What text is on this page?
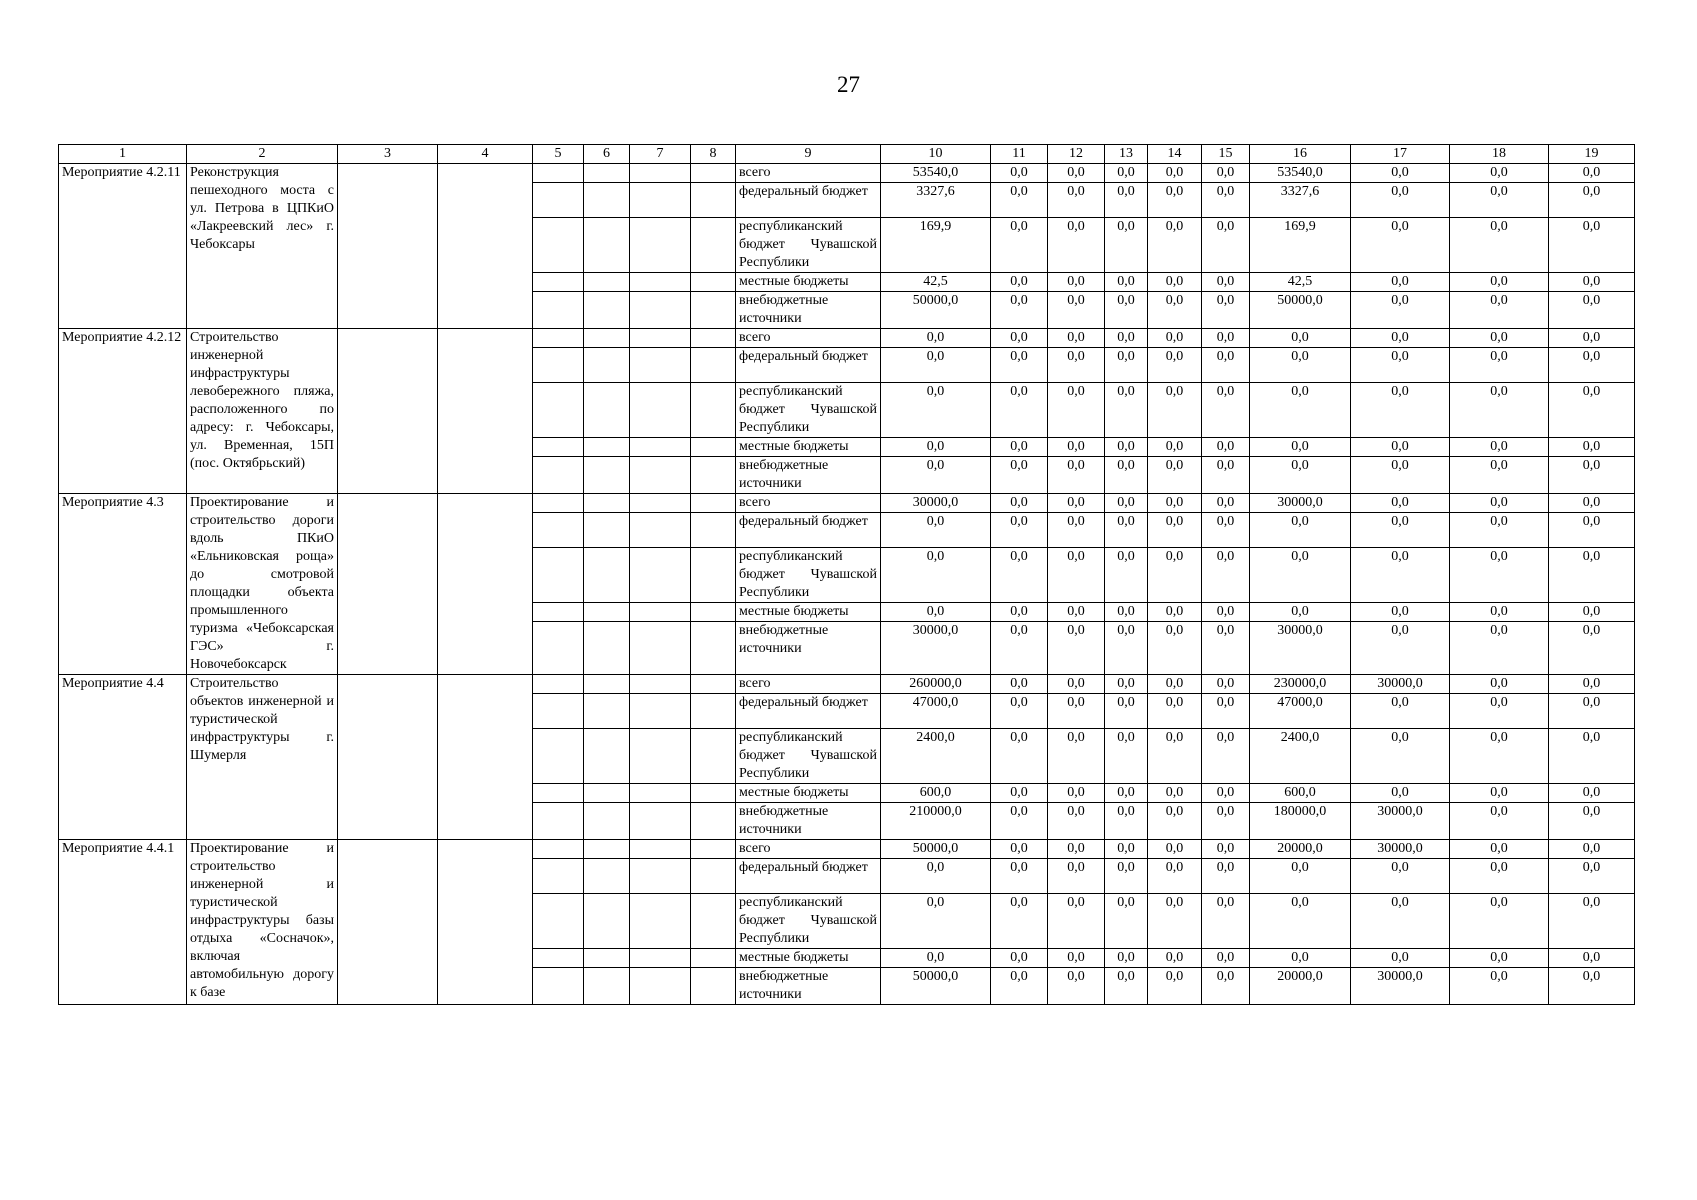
27
1	2	3	4	5	6	7	8	9	10	11	12	13	14	15	16	17	18	19
Мероприятие 4.2.11	Реконструкция пешеходного моста с ул. Петрова в ЦПКиО «Лакреевский лес» г. Чебоксары							всего	53540,0	0,0	0,0	0,0	0,0	0,0	53540,0	0,0	0,0	0,0
								федеральный бюджет	3327,6	0,0	0,0	0,0	0,0	0,0	3327,6	0,0	0,0	0,0
								республиканский бюджет Чувашской Республики	169,9	0,0	0,0	0,0	0,0	0,0	169,9	0,0	0,0	0,0
								местные бюджеты	42,5	0,0	0,0	0,0	0,0	0,0	42,5	0,0	0,0	0,0
								внебюджетные источники	50000,0	0,0	0,0	0,0	0,0	0,0	50000,0	0,0	0,0	0,0
Мероприятие 4.2.12	Строительство инженерной инфраструктуры левобережного пляжа, расположенного по адресу: г. Чебоксары, ул. Временная, 15П (пос. Октябрьский)							всего	0,0	0,0	0,0	0,0	0,0	0,0	0,0	0,0	0,0	0,0
								федеральный бюджет	0,0	0,0	0,0	0,0	0,0	0,0	0,0	0,0	0,0	0,0
								республиканский бюджет Чувашской Республики	0,0	0,0	0,0	0,0	0,0	0,0	0,0	0,0	0,0	0,0
								местные бюджеты	0,0	0,0	0,0	0,0	0,0	0,0	0,0	0,0	0,0	0,0
								внебюджетные источники	0,0	0,0	0,0	0,0	0,0	0,0	0,0	0,0	0,0	0,0
Мероприятие 4.3	Проектирование и строительство дороги вдоль ПКиО «Ельниковская роща» до смотровой площадки объекта промышленного туризма «Чебоксарская ГЭС» г. Новочебоксарск							всего	30000,0	0,0	0,0	0,0	0,0	0,0	30000,0	0,0	0,0	0,0
								федеральный бюджет	0,0	0,0	0,0	0,0	0,0	0,0	0,0	0,0	0,0	0,0
								республиканский бюджет Чувашской Республики	0,0	0,0	0,0	0,0	0,0	0,0	0,0	0,0	0,0	0,0
								местные бюджеты	0,0	0,0	0,0	0,0	0,0	0,0	0,0	0,0	0,0	0,0
								внебюджетные источники	30000,0	0,0	0,0	0,0	0,0	0,0	30000,0	0,0	0,0	0,0
Мероприятие 4.4	Строительство объектов инженерной и туристической инфраструктуры г. Шумерля							всего	260000,0	0,0	0,0	0,0	0,0	0,0	230000,0	30000,0	0,0	0,0
								федеральный бюджет	47000,0	0,0	0,0	0,0	0,0	0,0	47000,0	0,0	0,0	0,0
								республиканский бюджет Чувашской Республики	2400,0	0,0	0,0	0,0	0,0	0,0	2400,0	0,0	0,0	0,0
								местные бюджеты	600,0	0,0	0,0	0,0	0,0	0,0	600,0	0,0	0,0	0,0
								внебюджетные источники	210000,0	0,0	0,0	0,0	0,0	0,0	180000,0	30000,0	0,0	0,0
Мероприятие 4.4.1	Проектирование и строительство инженерной и туристической инфраструктуры базы отдыха «Сосначок», включая автомобильную дорогу к базе							всего	50000,0	0,0	0,0	0,0	0,0	0,0	20000,0	30000,0	0,0	0,0
								федеральный бюджет	0,0	0,0	0,0	0,0	0,0	0,0	0,0	0,0	0,0	0,0
								республиканский бюджет Чувашской Республики	0,0	0,0	0,0	0,0	0,0	0,0	0,0	0,0	0,0	0,0
								местные бюджеты	0,0	0,0	0,0	0,0	0,0	0,0	0,0	0,0	0,0	0,0
								внебюджетные источники	50000,0	0,0	0,0	0,0	0,0	0,0	20000,0	30000,0	0,0	0,0
